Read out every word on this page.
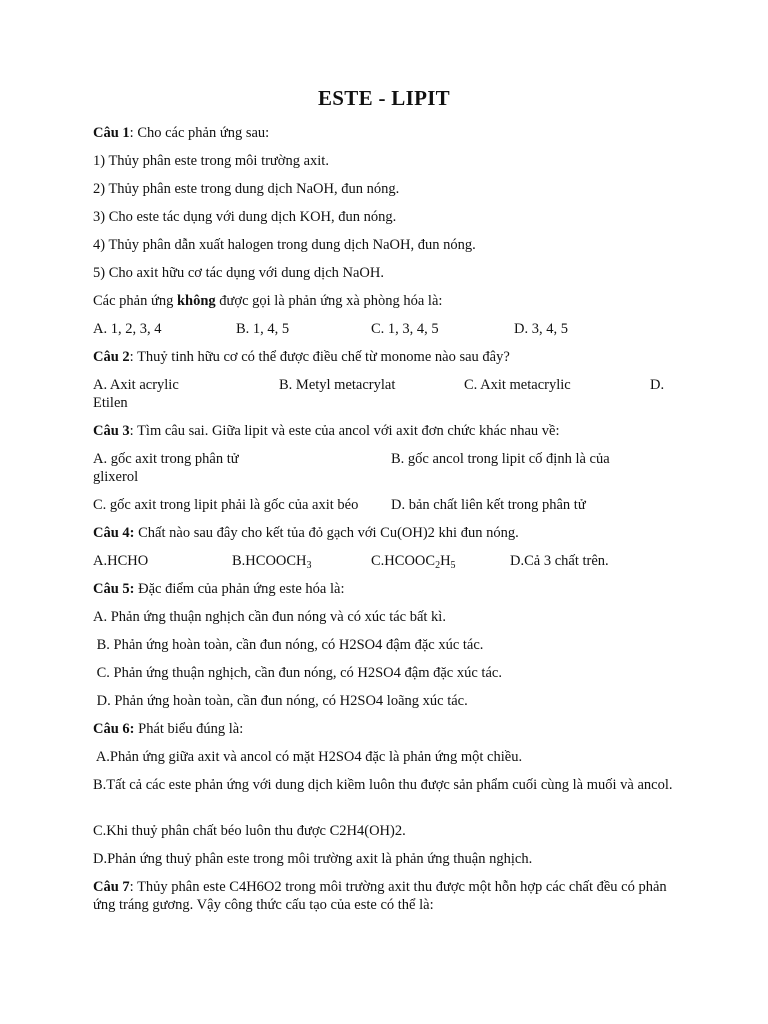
ESTE - LIPIT
Câu 1: Cho các phản ứng sau:
1) Thủy phân este trong môi trường axit.
2) Thủy phân este trong dung dịch NaOH, đun nóng.
3) Cho este tác dụng với dung dịch KOH, đun nóng.
4) Thủy phân dẫn xuất halogen trong dung dịch NaOH, đun nóng.
5) Cho axit hữu cơ tác dụng với dung dịch NaOH.
Các phản ứng không được gọi là phản ứng xà phòng hóa là:
A. 1, 2, 3, 4	B. 1, 4, 5	C. 1, 3, 4, 5	D. 3, 4, 5
Câu 2: Thuỷ tinh hữu cơ có thể được điều chế từ monome nào sau đây?
A. Axit acrylic	B. Metyl metacrylat	C. Axit metacrylic	D.
Etilen
Câu 3: Tìm câu sai. Giữa lipit và este của ancol với axit đơn chức khác nhau về:
A. gốc axit trong phân tử	B. gốc ancol trong lipit cố định là của
glixerol
C. gốc axit trong lipit phải là gốc của axit béo D. bản chất liên kết trong phân tử
Câu 4: Chất nào sau đây cho kết tủa đỏ gạch với Cu(OH)2 khi đun nóng.
A.HCHO	$B.HCOOCH_3$	$C.HCOOC_2H_5$	D.Cả 3 chất trên.
Câu 5: Đặc điểm của phản ứng este hóa là:
A. Phản ứng thuận nghịch cần đun nóng và có xúc tác bất kì.
B. Phản ứng hoàn toàn, cần đun nóng, có H2SO4 đậm đặc xúc tác.
C. Phản ứng thuận nghịch, cần đun nóng, có H2SO4 đậm đặc xúc tác.
D. Phản ứng hoàn toàn, cần đun nóng, có H2SO4 loãng xúc tác.
Câu 6: Phát biểu đúng là:
A.Phản ứng giữa axit và ancol có mặt H2SO4 đặc là phản ứng một chiều.
B.Tất cả các este phản ứng với dung dịch kiềm luôn thu được sản phẩm cuối cùng là muối và ancol.
C.Khi thuỷ phân chất béo luôn thu được C2H4(OH)2.
D.Phản ứng thuỷ phân este trong môi trường axit là phản ứng thuận nghịch.
Câu 7: Thủy phân este C4H6O2 trong môi trường axit thu được một hỗn hợp các chất đều có phản ứng tráng gương. Vậy công thức cấu tạo của este có thể là:
